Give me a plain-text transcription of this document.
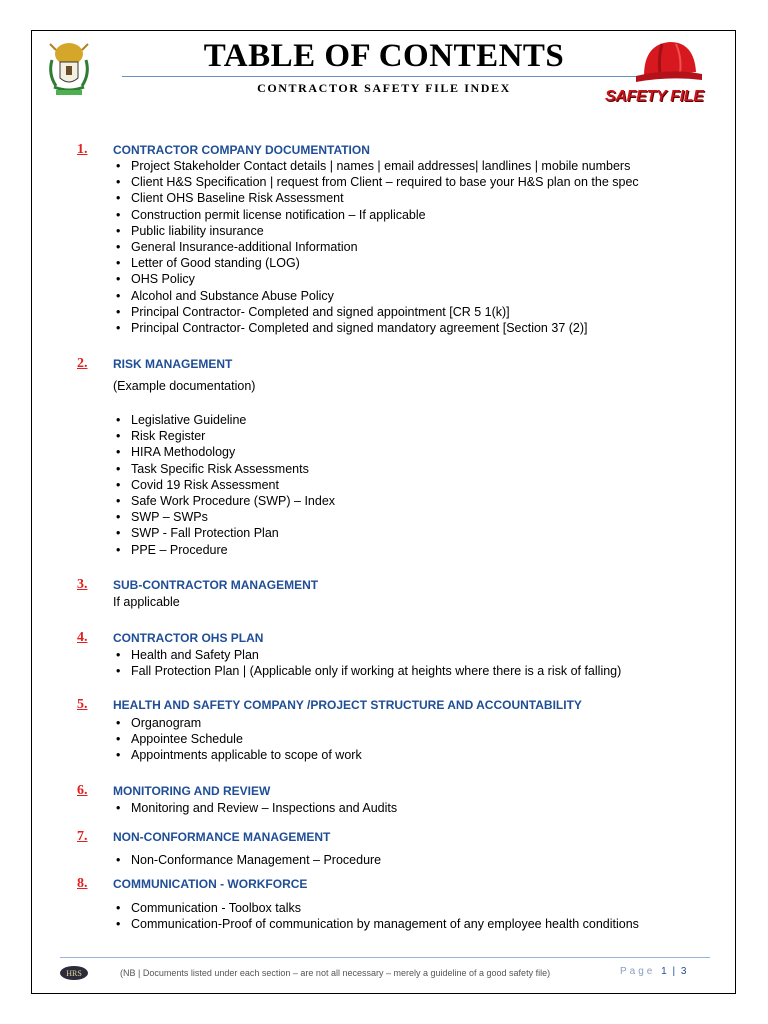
TABLE OF CONTENTS
CONTRACTOR SAFETY FILE INDEX	SAFETY FILE
1. CONTRACTOR COMPANY DOCUMENTATION
• Project Stakeholder Contact details | names | email addresses| landlines | mobile numbers
• Client H&S Specification | request from Client – required to base your H&S plan on the spec
• Client OHS Baseline Risk Assessment
• Construction permit license notification – If applicable
• Public liability insurance
• General Insurance-additional Information
• Letter of Good standing (LOG)
• OHS Policy
• Alcohol and Substance Abuse Policy
• Principal Contractor- Completed and signed appointment [CR 5 1(k)]
• Principal Contractor- Completed and signed mandatory agreement [Section 37 (2)]
2. RISK MANAGEMENT
(Example documentation)
• Legislative Guideline
• Risk Register
• HIRA Methodology
• Task Specific Risk Assessments
• Covid 19 Risk Assessment
• Safe Work Procedure (SWP) – Index
• SWP – SWPs
• SWP - Fall Protection Plan
• PPE – Procedure
3. SUB-CONTRACTOR MANAGEMENT
If applicable
4. CONTRACTOR OHS PLAN
• Health and Safety Plan
• Fall Protection Plan | (Applicable only if working at heights where there is a risk of falling)
5. HEALTH AND SAFETY COMPANY /PROJECT STRUCTURE AND ACCOUNTABILITY
• Organogram
• Appointee Schedule
• Appointments applicable to scope of work
6. MONITORING AND REVIEW
• Monitoring and Review – Inspections and Audits
7. NON-CONFORMANCE MANAGEMENT
• Non-Conformance Management – Procedure
8. COMMUNICATION - WORKFORCE
• Communication - Toolbox talks
• Communication-Proof of communication by management of any employee health conditions
HRS	(NB | Documents listed under each section – are not all necessary – merely a guideline of a good safety file)	Page 1 | 3
